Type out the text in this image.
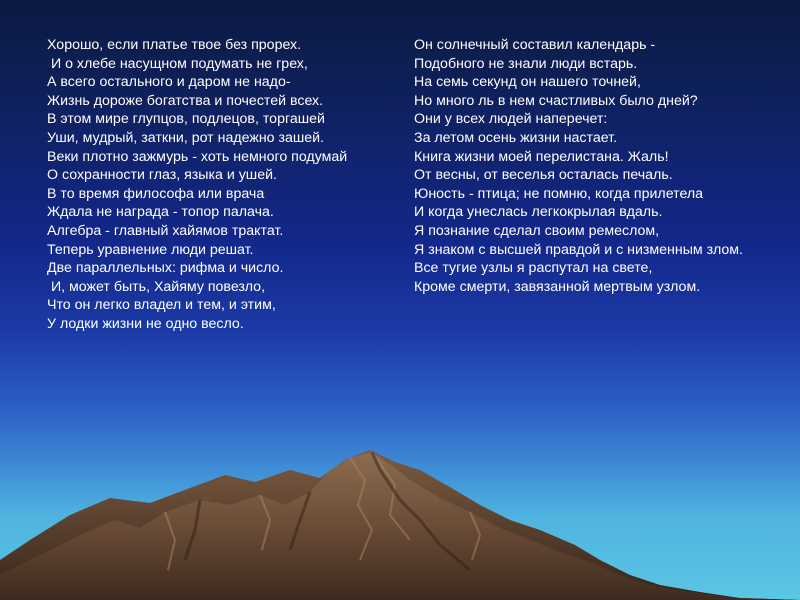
Хорошо, если платье твое без прорех.
И о хлебе насущном подумать не грех,
А всего остального и даром не надо-
Жизнь дороже богатства и почестей всех.
В этом мире глупцов, подлецов, торгашей
Уши, мудрый, заткни, рот надежно зашей.
Веки плотно зажмурь - хоть немного подумай
О сохранности глаз, языка и ушей.
В то время философа или врача
Ждала не награда - топор палача.
Алгебра - главный хайямов трактат.
Теперь уравнение люди решат.
Две параллельных: рифма и число.
И, может быть, Хайяму повезло,
Что он легко владел и тем, и этим,
У лодки жизни не одно весло.
Он солнечный составил календарь -
Подобного не знали люди встарь.
На семь секунд он нашего точней,
Но много ль в нем счастливых было дней?
Они у всех людей наперечет:
За летом осень жизни настает.
Книга жизни моей перелистана. Жаль!
От весны, от веселья осталась печаль.
Юность - птица; не помню, когда прилетела
И когда унеслась легкокрылая вдаль.
Я познание сделал своим ремеслом,
Я знаком с высшей правдой и с низменным злом.
Все тугие узлы я распутал на свете,
Кроме смерти, завязанной мертвым узлом.
